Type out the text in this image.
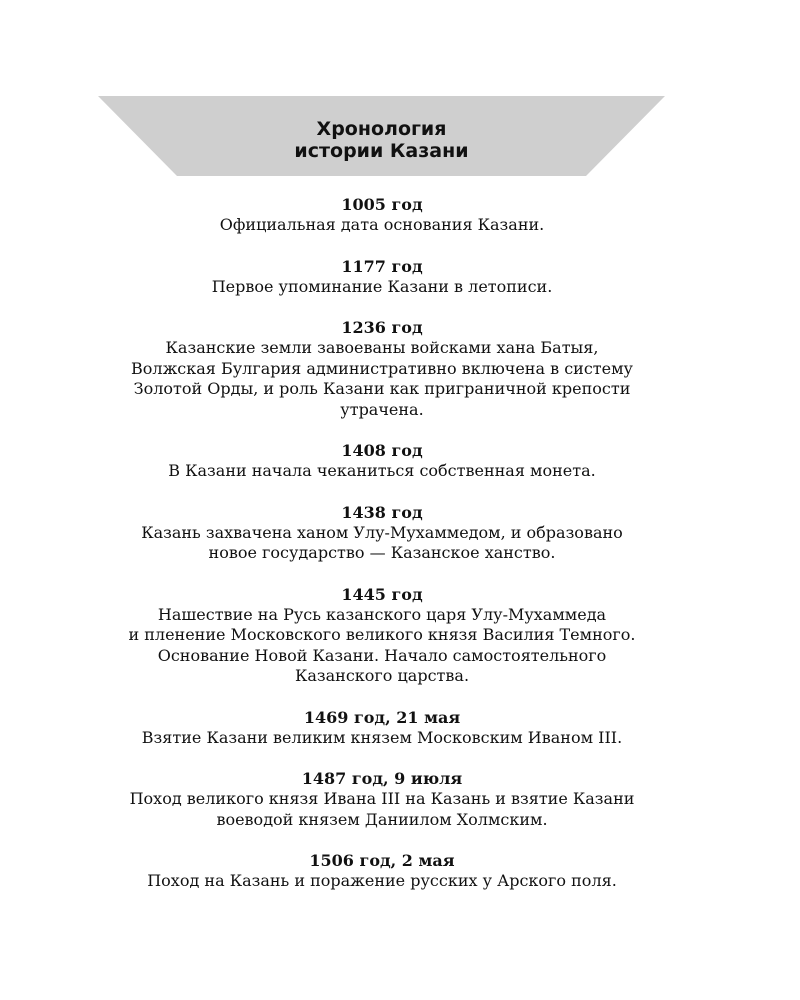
Хронология
истории Казани
1005 год
Официальная дата основания Казани.
1177 год
Первое упоминание Казани в летописи.
1236 год
Казанские земли завоеваны войсками хана Батыя,
Волжская Булгария административно включена в систему
Золотой Орды, и роль Казани как приграничной крепости
утрачена.
1408 год
В Казани начала чеканиться собственная монета.
1438 год
Казань захвачена ханом Улу-Мухаммедом, и образовано
новое государство — Казанское ханство.
1445 год
Нашествие на Русь казанского царя Улу-Мухаммеда
и пленение Московского великого князя Василия Темного.
Основание Новой Казани. Начало самостоятельного
Казанского царства.
1469 год, 21 мая
Взятие Казани великим князем Московским Иваном III.
1487 год, 9 июля
Поход великого князя Ивана III на Казань и взятие Казани
воеводой князем Даниилом Холмским.
1506 год, 2 мая
Поход на Казань и поражение русских у Арского поля.
